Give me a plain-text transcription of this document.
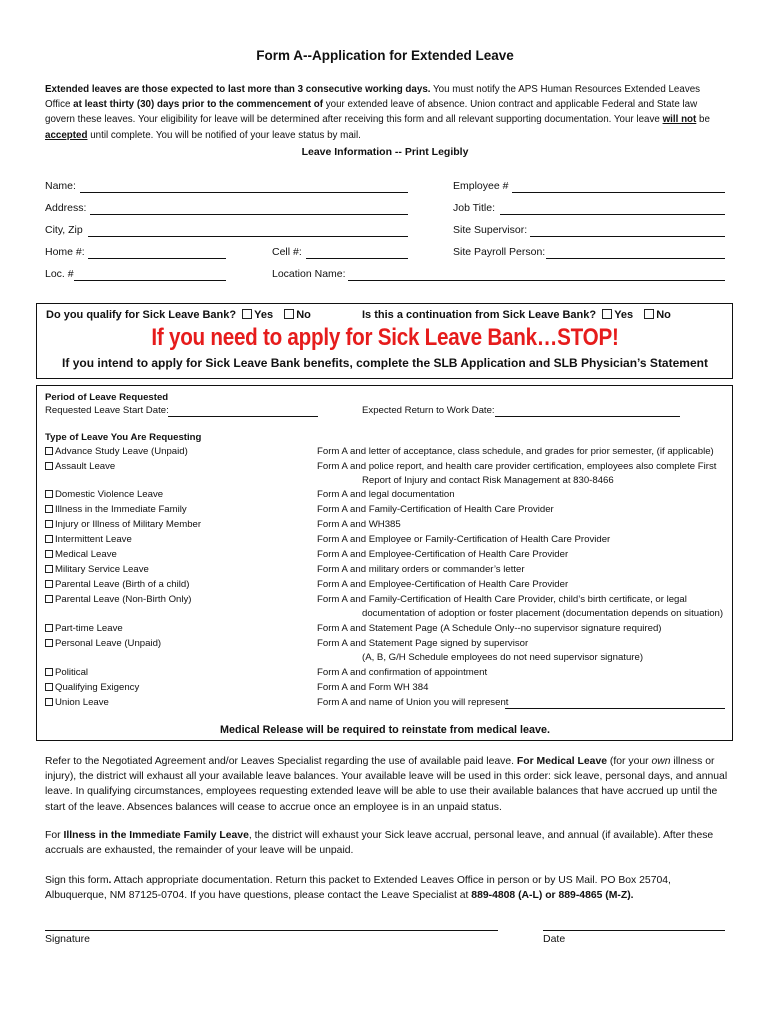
Form A--Application for Extended Leave
Extended leaves are those expected to last more than 3 consecutive working days. You must notify the APS Human Resources Extended Leaves Office at least thirty (30) days prior to the commencement of your extended leave of absence. Union contract and applicable Federal and State law govern these leaves. Your eligibility for leave will be determined after receiving this form and all relevant supporting documentation. Your leave will not be accepted until complete. You will be notified of your leave status by mail.
Leave Information -- Print Legibly
Name:	Employee #
Address:	Job Title:
City, Zip	Site Supervisor:
Home #:	Cell #:	Site Payroll Person:
Loc. #	Location Name:
Do you qualify for Sick Leave Bank? Yes No	Is this a continuation from Sick Leave Bank? Yes No
If you need to apply for Sick Leave Bank…STOP!
If you intend to apply for Sick Leave Bank benefits, complete the SLB Application and SLB Physician’s Statement
Period of Leave Requested
Requested Leave Start Date:	Expected Return to Work Date:
Type of Leave You Are Requesting
Advance Study Leave (Unpaid)	Form A and letter of acceptance, class schedule, and grades for prior semester, (if applicable)
Assault Leave	Form A and police report, and health care provider certification, employees also complete First
Report of Injury and contact Risk Management at 830-8466
Domestic Violence Leave	Form A and legal documentation
Illness in the Immediate Family	Form A and Family-Certification of Health Care Provider
Injury or Illness of Military Member	Form A and WH385
Intermittent Leave	Form A and Employee or Family-Certification of Health Care Provider
Medical Leave	Form A and Employee-Certification of Health Care Provider
Military Service Leave	Form A and military orders or commander’s letter
Parental Leave (Birth of a child)	Form A and Employee-Certification of Health Care Provider
Parental Leave (Non-Birth Only)	Form A and Family-Certification of Health Care Provider, child’s birth certificate, or legal
documentation of adoption or foster placement (documentation depends on situation)
Part-time Leave	Form A and Statement Page (A Schedule Only--no supervisor signature required)
Personal Leave (Unpaid)	Form A and Statement Page signed by supervisor
(A, B, G/H Schedule employees do not need supervisor signature)
Political	Form A and confirmation of appointment
Qualifying Exigency	Form A and Form WH 384
Union Leave	Form A and name of Union you will represent
Medical Release will be required to reinstate from medical leave.
Refer to the Negotiated Agreement and/or Leaves Specialist regarding the use of available paid leave. For Medical Leave (for your own illness or injury), the district will exhaust all your available leave balances. Your available leave will be used in this order: sick leave, personal days, and annual leave. In qualifying circumstances, employees requesting extended leave will be able to use their available balances that have accrued up until the start of the leave. Absences balances will cease to accrue once an employee is in an unpaid status.
For Illness in the Immediate Family Leave, the district will exhaust your Sick leave accrual, personal leave, and annual (if available). After these accruals are exhausted, the remainder of your leave will be unpaid.
Sign this form. Attach appropriate documentation. Return this packet to Extended Leaves Office in person or by US Mail. PO Box 25704, Albuquerque, NM 87125-0704. If you have questions, please contact the Leave Specialist at 889-4808 (A-L) or 889-4865 (M-Z).
Signature	Date
